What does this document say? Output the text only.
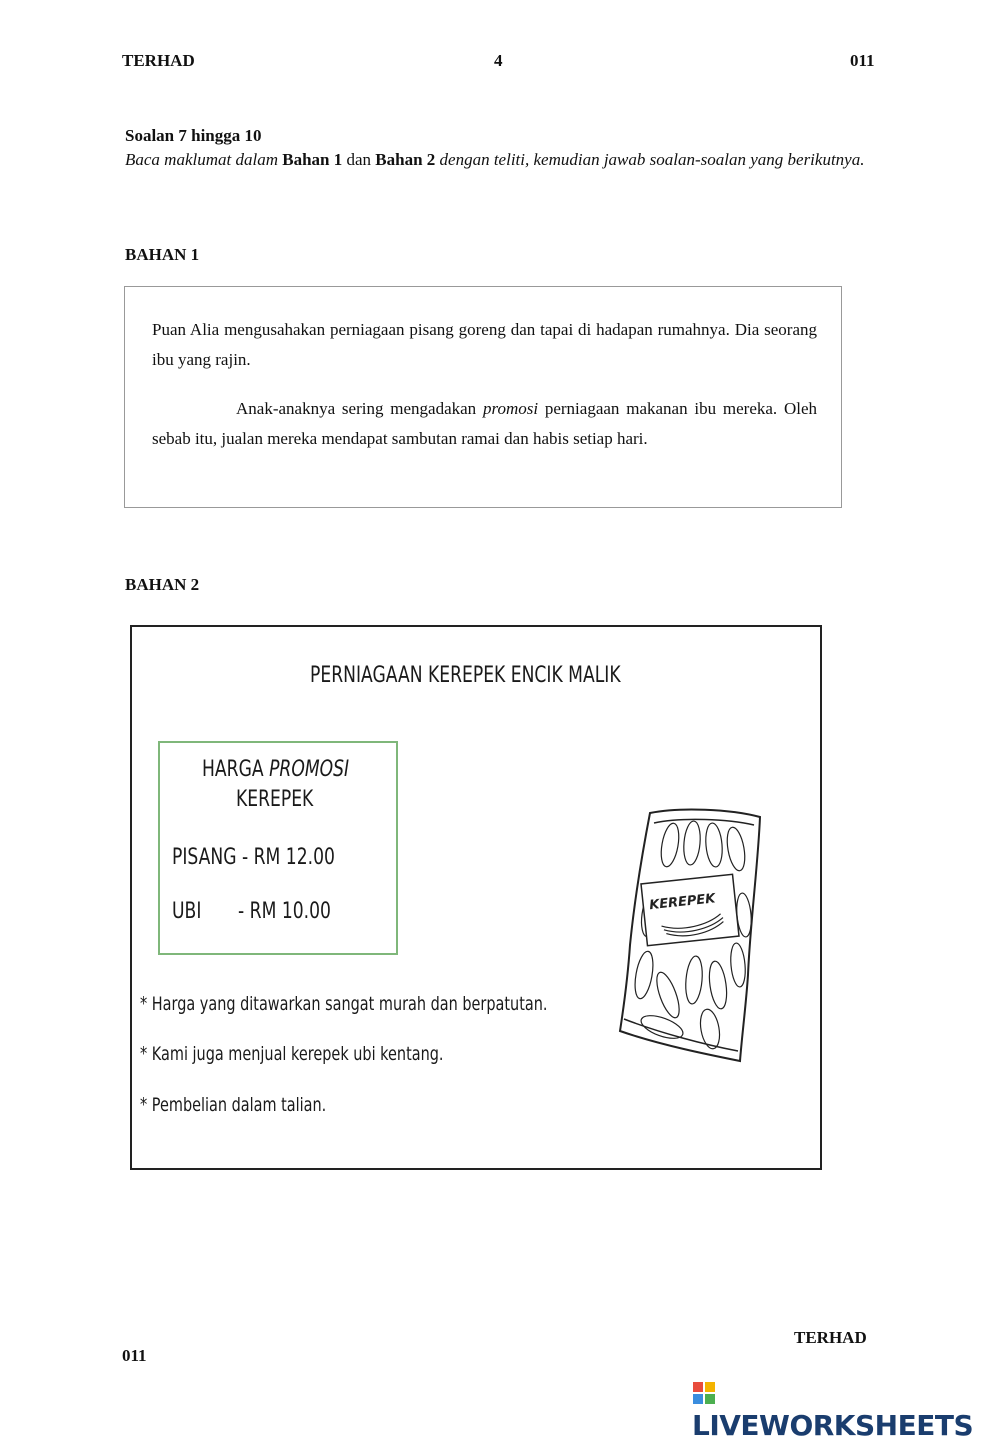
TERHAD	4	011
Soalan 7 hingga 10
Baca maklumat dalam Bahan 1 dan Bahan 2 dengan teliti, kemudian jawab soalan-soalan yang berikutnya.
BAHAN 1
Puan Alia mengusahakan perniagaan pisang goreng dan tapai di hadapan rumahnya. Dia seorang ibu yang rajin.
Anak-anaknya sering mengadakan promosi perniagaan makanan ibu mereka. Oleh sebab itu, jualan mereka mendapat sambutan ramai dan habis setiap hari.
BAHAN 2
PERNIAGAAN KEREPEK ENCIK MALIK
HARGA PROMOSI
KEREPEK
PISANG - RM 12.00
UBI - RM 10.00
* Harga yang ditawarkan sangat murah dan berpatutan.
* Kami juga menjual kerepek ubi kentang.
* Pembelian dalam talian.
KEREPEK
TERHAD
011
LIVEWORKSHEETS
